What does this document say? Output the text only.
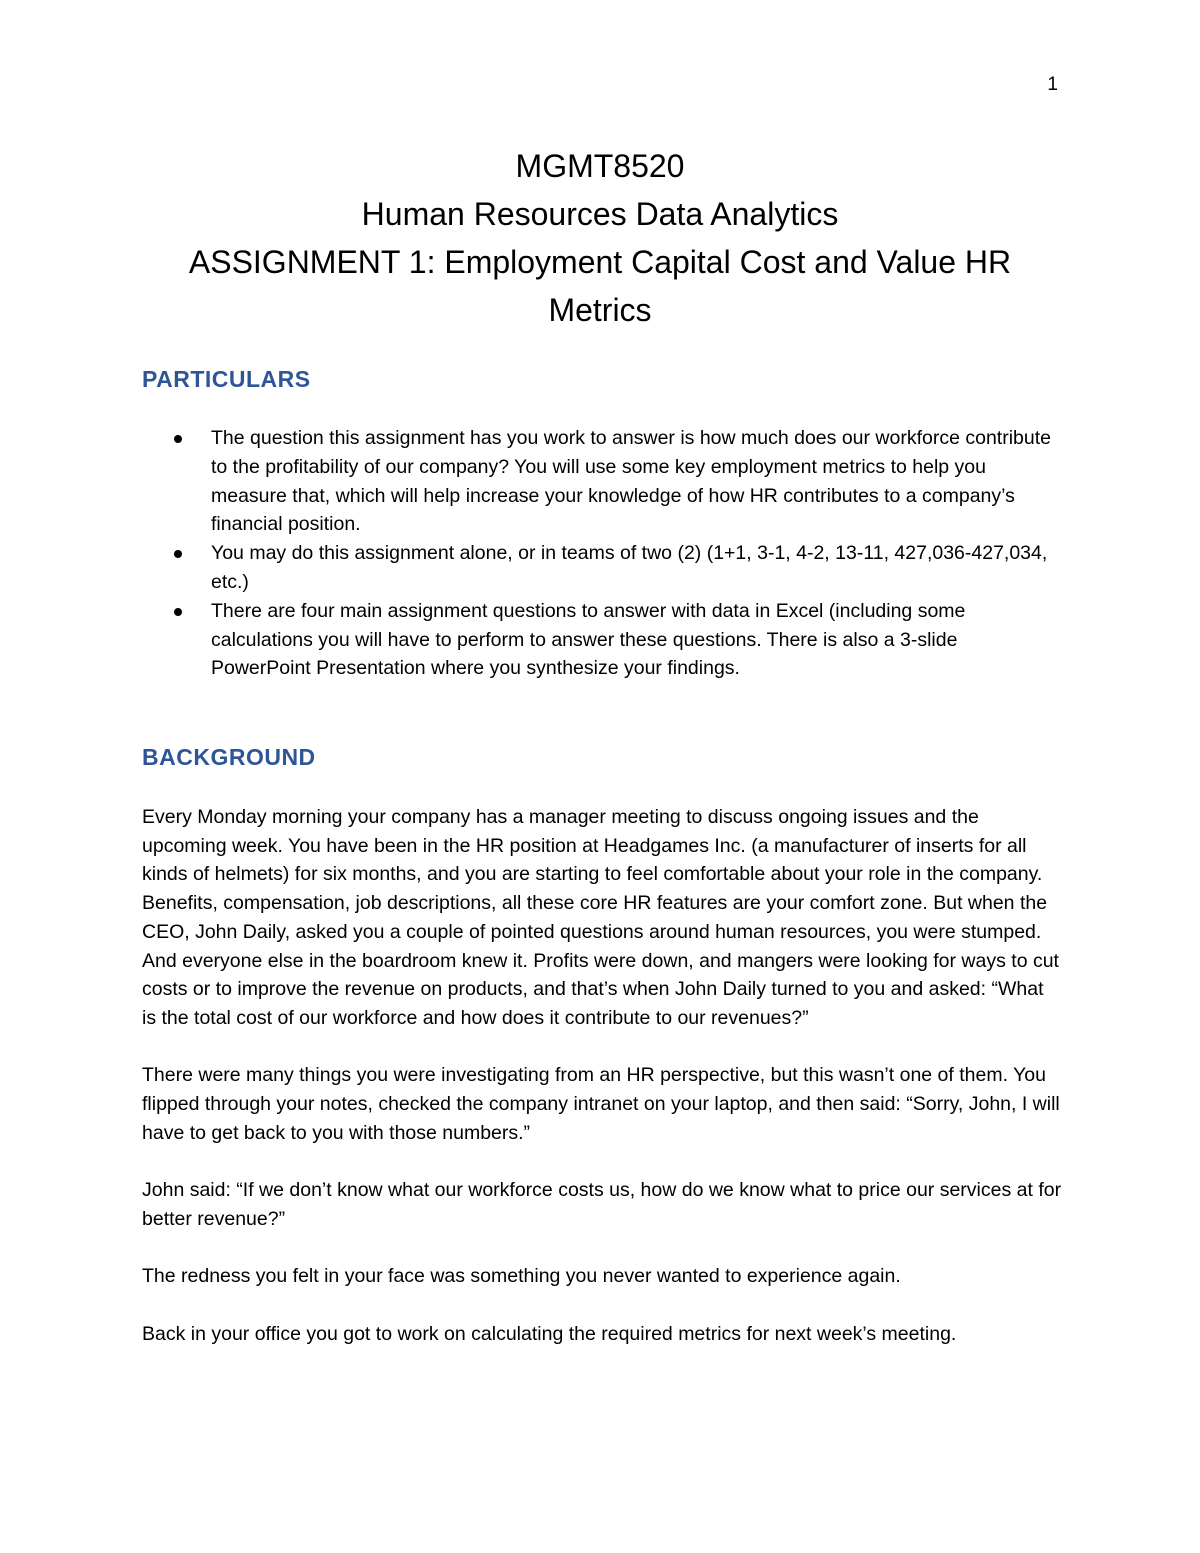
1
MGMT8520
Human Resources Data Analytics
ASSIGNMENT 1: Employment Capital Cost and Value HR
Metrics
PARTICULARS
The question this assignment has you work to answer is how much does our workforce contribute to the profitability of our company? You will use some key employment metrics to help you measure that, which will help increase your knowledge of how HR contributes to a company’s financial position.
You may do this assignment alone, or in teams of two (2) (1+1, 3-1, 4-2, 13-11, 427,036-427,034, etc.)
There are four main assignment questions to answer with data in Excel (including some calculations you will have to perform to answer these questions. There is also a 3-slide PowerPoint Presentation where you synthesize your findings.
BACKGROUND

Every Monday morning your company has a manager meeting to discuss ongoing issues and the upcoming week. You have been in the HR position at Headgames Inc. (a manufacturer of inserts for all kinds of helmets) for six months, and you are starting to feel comfortable about your role in the company. Benefits, compensation, job descriptions, all these core HR features are your comfort zone. But when the CEO, John Daily, asked you a couple of pointed questions around human resources, you were stumped. And everyone else in the boardroom knew it. Profits were down, and mangers were looking for ways to cut costs or to improve the revenue on products, and that’s when John Daily turned to you and asked: “What is the total cost of our workforce and how does it contribute to our revenues?”

There were many things you were investigating from an HR perspective, but this wasn’t one of them. You flipped through your notes, checked the company intranet on your laptop, and then said: “Sorry, John, I will have to get back to you with those numbers.”

John said: “If we don’t know what our workforce costs us, how do we know what to price our services at for better revenue?”

The redness you felt in your face was something you never wanted to experience again.

Back in your office you got to work on calculating the required metrics for next week’s meeting.
